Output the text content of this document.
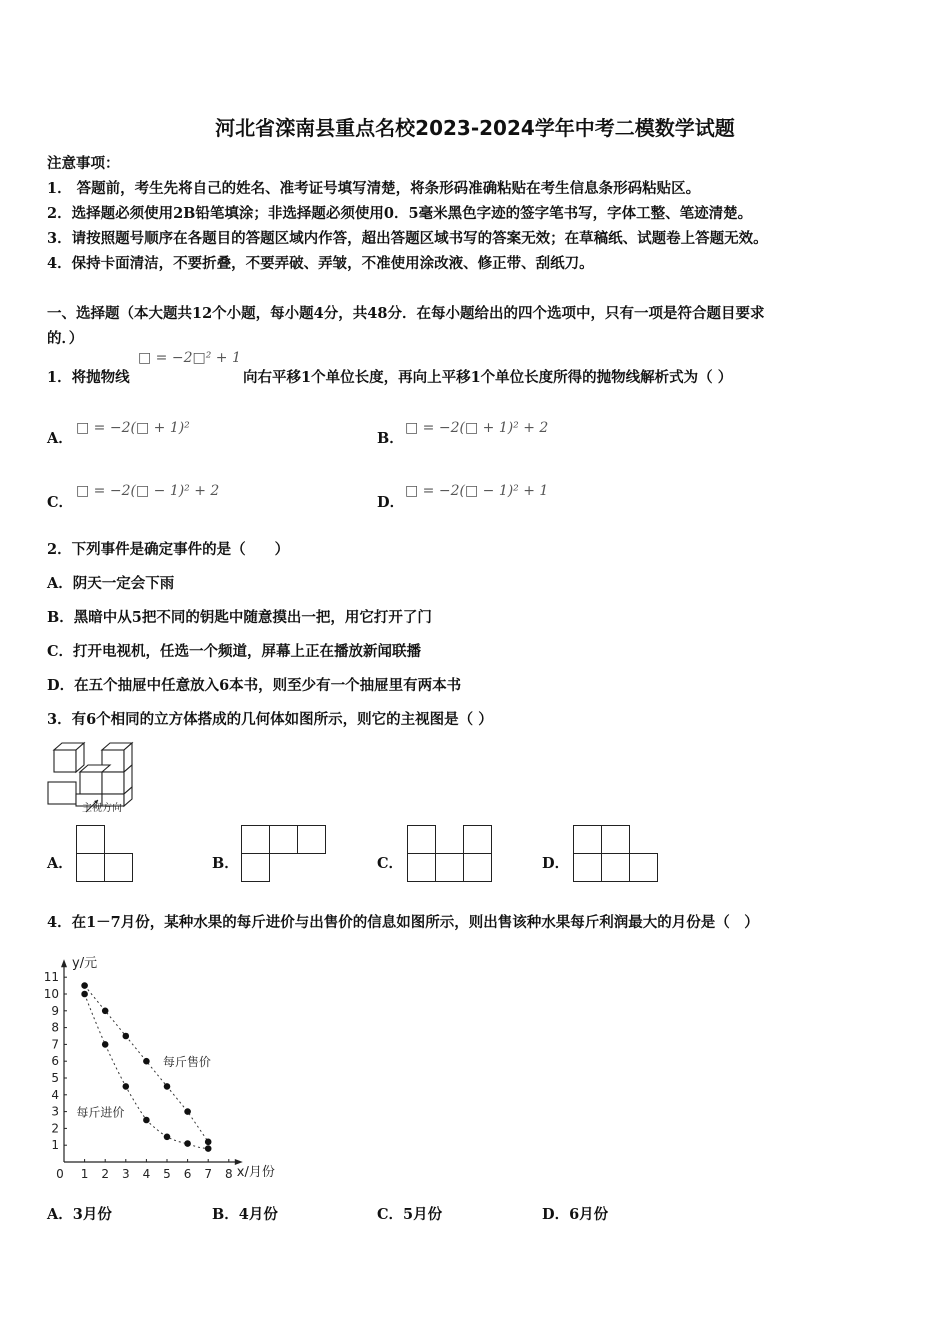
河北省滦南县重点名校2023-2024学年中考二模数学试题
注意事项：
1． 答题前，考生先将自己的姓名、准考证号填写清楚，将条形码准确粘贴在考生信息条形码粘贴区。
2．选择题必须使用2B铅笔填涂；非选择题必须使用0．5毫米黑色字迹的签字笔书写，字体工整、笔迹清楚。
3．请按照题号顺序在各题目的答题区域内作答，超出答题区域书写的答案无效；在草稿纸、试题卷上答题无效。
4．保持卡面清洁，不要折叠，不要弄破、弄皱，不准使用涂改液、修正带、刮纸刀。
一、选择题（本大题共12个小题，每小题4分，共48分．在每小题给出的四个选项中，只有一项是符合题目要求
的．）
1．将抛物线
□ = −2□² + 1
向右平移1个单位长度，再向上平移1个单位长度所得的抛物线解析式为（ ）
A．
□ = −2(□ + 1)²
B．
□ = −2(□ + 1)² + 2
C．
□ = −2(□ − 1)² + 2
D．
□ = −2(□ − 1)² + 1
2．下列事件是确定事件的是（　　）
A．阴天一定会下雨
B．黑暗中从5把不同的钥匙中随意摸出一把，用它打开了门
C．打开电视机，任选一个频道，屏幕上正在播放新闻联播
D．在五个抽屉中任意放入6本书，则至少有一个抽屉里有两本书
3．有6个相同的立方体搭成的几何体如图所示，则它的主视图是（ ）
主视方向
A．	B．	C．	D．
4．在1－7月份，某种水果的每斤进价与出售价的信息如图所示，则出售该种水果每斤利润最大的月份是（　）
0 1 2 3 4 5 6 7 8
1
2
3
4
5
6
7
8
9
10
11
y/元
x/月份
每斤售价
每斤进价
A．3月份	B．4月份	C．5月份	D．6月份
